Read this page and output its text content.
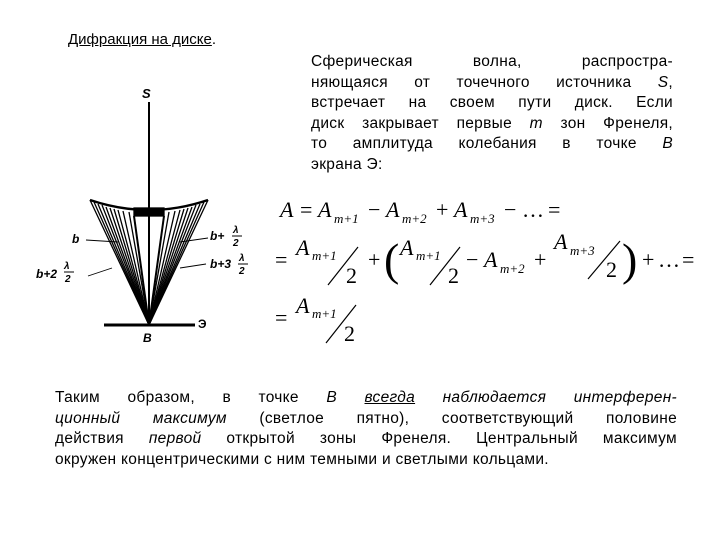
Дифракция на диске.
Сферическая волна, распростра-
няющаяся от точечного источника S,
встречает на своем пути диск. Если
диск закрывает первые m зон Френеля,
то амплитуда колебания в точке В
экрана Э:
S
B
Э
b
b+2
λ
2
b+ λ
2
b+3 λ
2
A = A m+1 − A m+2 + A m+3 − … =
= A m+1
2
+ ( A m+1
2
− A m+2 +
A m+3
2 ) + … =
= A m+1
2
Таким образом, в точке В всегда наблюдается интерферен-
ционный максимум (светлое пятно), соответствующий половине
действия первой открытой зоны Френеля. Центральный максимум
окружен концентрическими с ним темными и светлыми кольцами.
